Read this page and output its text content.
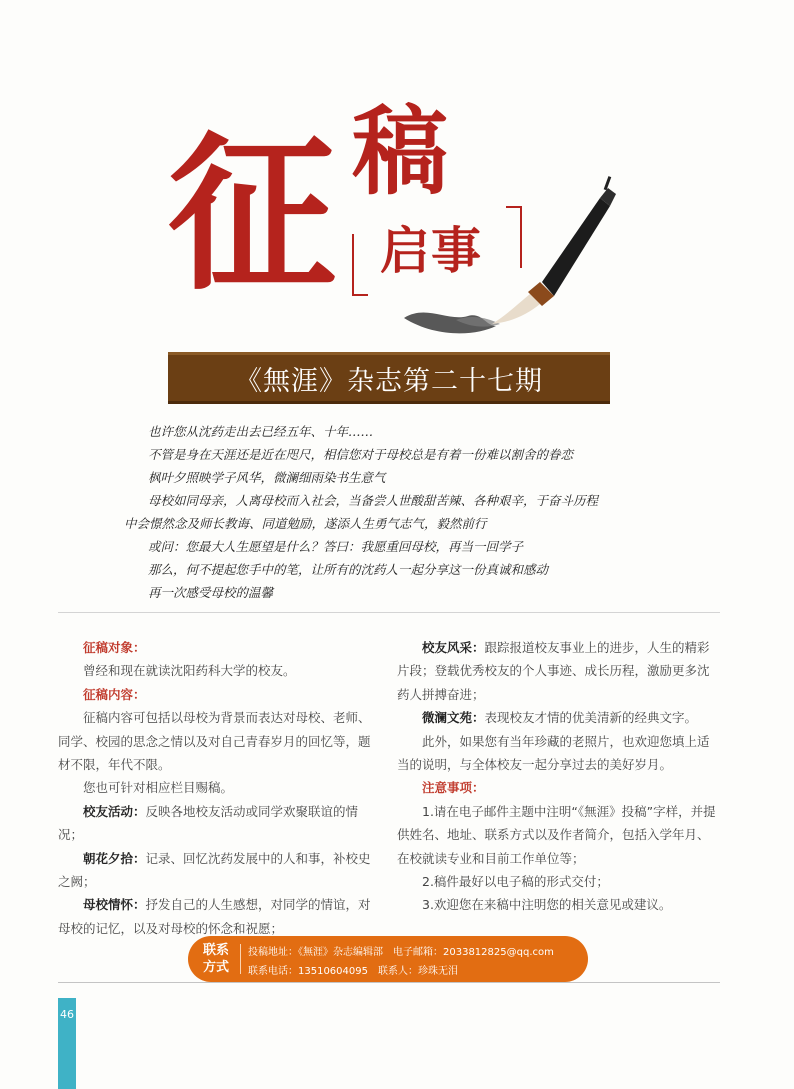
征 稿
启事
《無涯》杂志第二十七期
也许您从沈药走出去已经五年、十年……
不管是身在天涯还是近在咫尺，相信您对于母校总是有着一份难以割舍的眷恋
枫叶夕照映学子风华，微澜细雨染书生意气
母校如同母亲，人离母校而入社会，当备尝人世酸甜苦辣、各种艰辛，于奋斗历程
中会憬然念及师长教诲、同道勉励，遂添人生勇气志气，毅然前行
或问：您最大人生愿望是什么？答曰：我愿重回母校，再当一回学子
那么，何不提起您手中的笔，让所有的沈药人一起分享这一份真诚和感动
再一次感受母校的温馨

征稿对象：

曾经和现在就读沈阳药科大学的校友。

征稿内容：

征稿内容可包括以母校为背景而表达对母校、老师、同学、校园的思念之情以及对自己青春岁月的回忆等，题材不限，年代不限。

您也可针对相应栏目赐稿。

校友活动：反映各地校友活动或同学欢聚联谊的情况；

朝花夕拾：记录、回忆沈药发展中的人和事，补校史之阙；

母校情怀：抒发自己的人生感想，对同学的情谊，对母校的记忆，以及对母校的怀念和祝愿；

校友风采：跟踪报道校友事业上的进步，人生的精彩片段；登载优秀校友的个人事迹、成长历程，激励更多沈药人拼搏奋进；

微澜文苑：表现校友才情的优美清新的经典文字。

此外，如果您有当年珍藏的老照片，也欢迎您填上适当的说明，与全体校友一起分享过去的美好岁月。

注意事项：

1.请在电子邮件主题中注明“《無涯》投稿”字样，并提供姓名、地址、联系方式以及作者简介，包括入学年月、在校就读专业和目前工作单位等；

2.稿件最好以电子稿的形式交付；

3.欢迎您在来稿中注明您的相关意见或建议。

联系
方式
投稿地址：《無涯》杂志编辑部　电子邮箱：2033812825@qq.com
联系电话：13510604095　联系人：珍珠无泪
46
